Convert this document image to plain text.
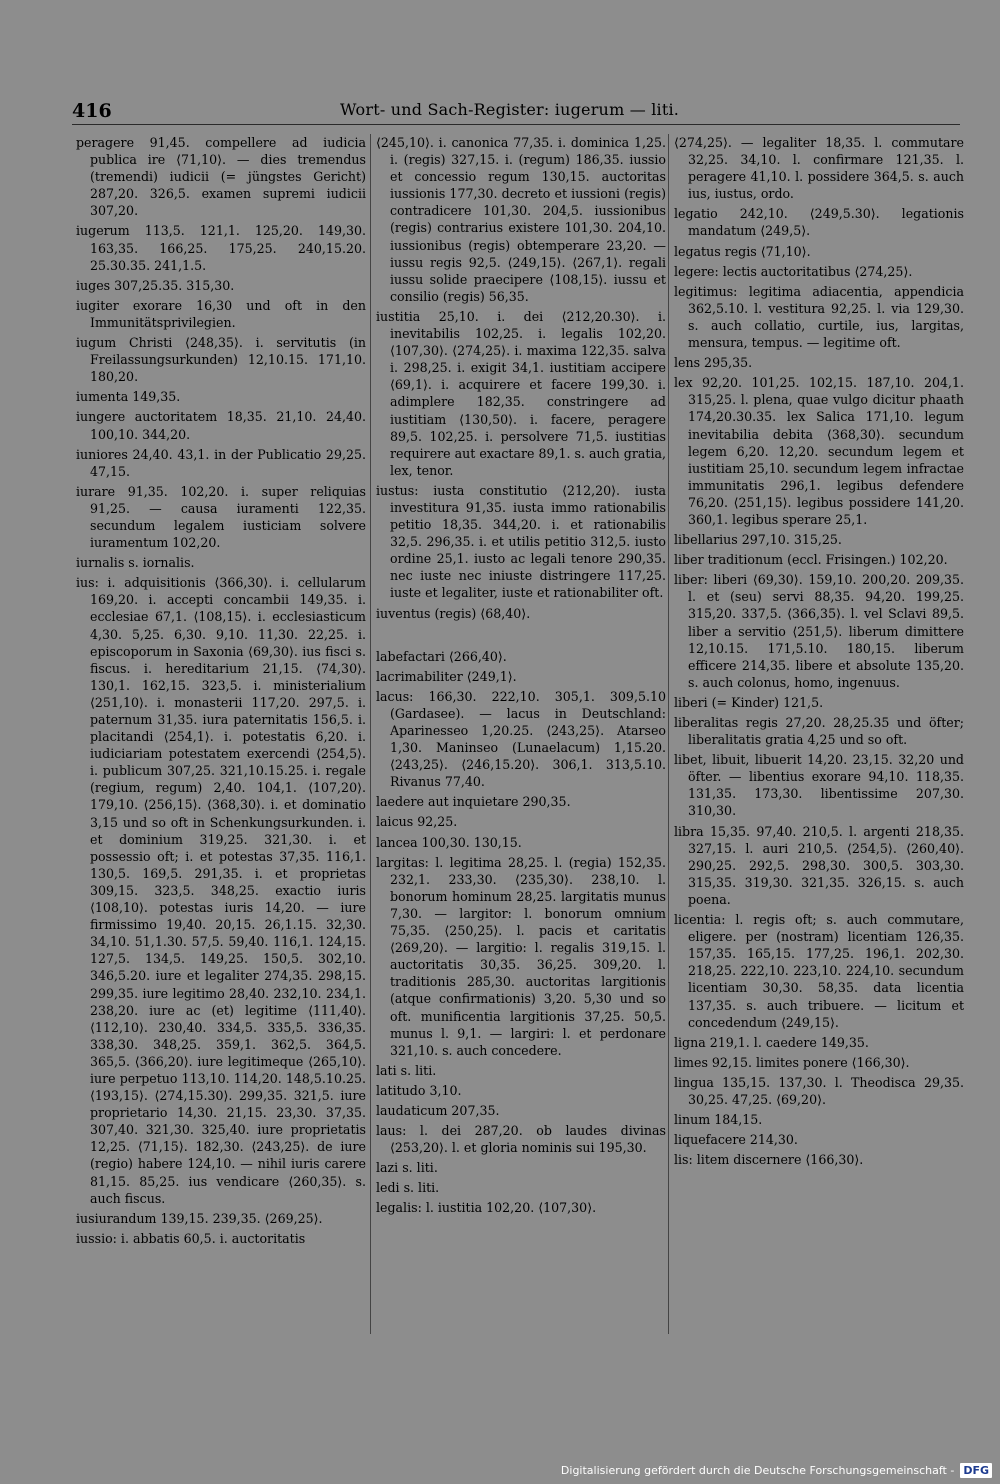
416	Wort- und Sach-Register: iugerum — liti.

peragere 91,45. compellere ad iudicia publica ire ⟨71,10⟩. — dies tremendus (tremendi) iudicii (= jüngstes Gericht) 287,20. 326,5. examen supremi iudicii 307,20.

iugerum 113,5. 121,1. 125,20. 149,30. 163,35. 166,25. 175,25. 240,15.20. 25.30.35. 241,1.5.

iuges 307,25.35. 315,30.

iugiter exorare 16,30 und oft in den Immunitätsprivilegien.

iugum Christi ⟨248,35⟩. i. servitutis (in Freilassungsurkunden) 12,10.15. 171,10. 180,20.

iumenta 149,35.

iungere auctoritatem 18,35. 21,10. 24,40. 100,10. 344,20.

iuniores 24,40. 43,1. in der Publicatio 29,25. 47,15.

iurare 91,35. 102,20. i. super reliquias 91,25. — causa iuramenti 122,35. secundum legalem iusticiam solvere iuramentum 102,20.

iurnalis s. iornalis.

ius: i. adquisitionis ⟨366,30⟩. i. cellularum 169,20. i. accepti concambii 149,35. i. ecclesiae 67,1. ⟨108,15⟩. i. ecclesiasticum 4,30. 5,25. 6,30. 9,10. 11,30. 22,25. i. episcoporum in Saxonia ⟨69,30⟩. ius fisci s. fiscus. i. hereditarium 21,15. ⟨74,30⟩. 130,1. 162,15. 323,5. i. ministerialium ⟨251,10⟩. i. monasterii 117,20. 297,5. i. paternum 31,35. iura paternitatis 156,5. i. placitandi ⟨254,1⟩. i. potestatis 6,20. i. iudiciariam potestatem exercendi ⟨254,5⟩. i. publicum 307,25. 321,10.15.25. i. regale (regium, regum) 2,40. 104,1. ⟨107,20⟩. 179,10. ⟨256,15⟩. ⟨368,30⟩. i. et dominatio 3,15 und so oft in Schenkungsurkunden. i. et dominium 319,25. 321,30. i. et possessio oft; i. et potestas 37,35. 116,1. 130,5. 169,5. 291,35. i. et proprietas 309,15. 323,5. 348,25. exactio iuris ⟨108,10⟩. potestas iuris 14,20. — iure firmissimo 19,40. 20,15. 26,1.15. 32,30. 34,10. 51,1.30. 57,5. 59,40. 116,1. 124,15. 127,5. 134,5. 149,25. 150,5. 302,10. 346,5.20. iure et legaliter 274,35. 298,15. 299,35. iure legitimo 28,40. 232,10. 234,1. 238,20. iure ac (et) legitime ⟨111,40⟩. ⟨112,10⟩. 230,40. 334,5. 335,5. 336,35. 338,30. 348,25. 359,1. 362,5. 364,5. 365,5. ⟨366,20⟩. iure legitimeque ⟨265,10⟩. iure perpetuo 113,10. 114,20. 148,5.10.25. ⟨193,15⟩. ⟨274,15.30⟩. 299,35. 321,5. iure proprietario 14,30. 21,15. 23,30. 37,35. 307,40. 321,30. 325,40. iure proprietatis 12,25. ⟨71,15⟩. 182,30. ⟨243,25⟩. de iure (regio) habere 124,10. — nihil iuris carere 81,15. 85,25. ius vendicare ⟨260,35⟩. s. auch fiscus.

iusiurandum 139,15. 239,35. ⟨269,25⟩.

iussio: i. abbatis 60,5. i. auctoritatis

⟨245,10⟩. i. canonica 77,35. i. dominica 1,25. i. (regis) 327,15. i. (regum) 186,35. iussio et concessio regum 130,15. auctoritas iussionis 177,30. decreto et iussioni (regis) contradicere 101,30. 204,5. iussionibus (regis) contrarius existere 101,30. 204,10. iussionibus (regis) obtemperare 23,20. — iussu regis 92,5. ⟨249,15⟩. ⟨267,1⟩. regali iussu solide praecipere ⟨108,15⟩. iussu et consilio (regis) 56,35.

iustitia 25,10. i. dei ⟨212,20.30⟩. i. inevitabilis 102,25. i. legalis 102,20. ⟨107,30⟩. ⟨274,25⟩. i. maxima 122,35. salva i. 298,25. i. exigit 34,1. iustitiam accipere ⟨69,1⟩. i. acquirere et facere 199,30. i. adimplere 182,35. constringere ad iustitiam ⟨130,50⟩. i. facere, peragere 89,5. 102,25. i. persolvere 71,5. iustitias requirere aut exactare 89,1. s. auch gratia, lex, tenor.

iustus: iusta constitutio ⟨212,20⟩. iusta investitura 91,35. iusta immo rationabilis petitio 18,35. 344,20. i. et rationabilis 32,5. 296,35. i. et utilis petitio 312,5. iusto ordine 25,1. iusto ac legali tenore 290,35. nec iuste nec iniuste distringere 117,25. iuste et legaliter, iuste et rationabiliter oft.

iuventus (regis) ⟨68,40⟩.

labefactari ⟨266,40⟩.

lacrimabiliter ⟨249,1⟩.

lacus: 166,30. 222,10. 305,1. 309,5.10 (Gardasee). — lacus in Deutschland: Aparinesseo 1,20.25. ⟨243,25⟩. Atarseo 1,30. Maninseo (Lunaelacum) 1,15.20. ⟨243,25⟩. ⟨246,15.20⟩. 306,1. 313,5.10. Rivanus 77,40.

laedere aut inquietare 290,35.

laicus 92,25.

lancea 100,30. 130,15.

largitas: l. legitima 28,25. l. (regia) 152,35. 232,1. 233,30. ⟨235,30⟩. 238,10. l. bonorum hominum 28,25. largitatis munus 7,30. — largitor: l. bonorum omnium 75,35. ⟨250,25⟩. l. pacis et caritatis ⟨269,20⟩. — largitio: l. regalis 319,15. l. auctoritatis 30,35. 36,25. 309,20. l. traditionis 285,30. auctoritas largitionis (atque confirmationis) 3,20. 5,30 und so oft. munificentia largitionis 37,25. 50,5. munus l. 9,1. — largiri: l. et perdonare 321,10. s. auch concedere.

lati s. liti.

latitudo 3,10.

laudaticum 207,35.

laus: l. dei 287,20. ob laudes divinas ⟨253,20⟩. l. et gloria nominis sui 195,30.

lazi s. liti.

ledi s. liti.

legalis: l. iustitia 102,20. ⟨107,30⟩.

⟨274,25⟩. — legaliter 18,35. l. commutare 32,25. 34,10. l. confirmare 121,35. l. peragere 41,10. l. possidere 364,5. s. auch ius, iustus, ordo.

legatio 242,10. ⟨249,5.30⟩. legationis mandatum ⟨249,5⟩.

legatus regis ⟨71,10⟩.

legere: lectis auctoritatibus ⟨274,25⟩.

legitimus: legitima adiacentia, appendicia 362,5.10. l. vestitura 92,25. l. via 129,30. s. auch collatio, curtile, ius, largitas, mensura, tempus. — legitime oft.

lens 295,35.

lex 92,20. 101,25. 102,15. 187,10. 204,1. 315,25. l. plena, quae vulgo dicitur phaath 174,20.30.35. lex Salica 171,10. legum inevitabilia debita ⟨368,30⟩. secundum legem 6,20. 12,20. secundum legem et iustitiam 25,10. secundum legem infractae immunitatis 296,1. legibus defendere 76,20. ⟨251,15⟩. legibus possidere 141,20. 360,1. legibus sperare 25,1.

libellarius 297,10. 315,25.

liber traditionum (eccl. Frisingen.) 102,20.

liber: liberi ⟨69,30⟩. 159,10. 200,20. 209,35. l. et (seu) servi 88,35. 94,20. 199,25. 315,20. 337,5. ⟨366,35⟩. l. vel Sclavi 89,5. liber a servitio ⟨251,5⟩. liberum dimittere 12,10.15. 171,5.10. 180,15. liberum efficere 214,35. libere et absolute 135,20. s. auch colonus, homo, ingenuus.

liberi (= Kinder) 121,5.

liberalitas regis 27,20. 28,25.35 und öfter; liberalitatis gratia 4,25 und so oft.

libet, libuit, libuerit 14,20. 23,15. 32,20 und öfter. — libentius exorare 94,10. 118,35. 131,35. 173,30. libentissime 207,30. 310,30.

libra 15,35. 97,40. 210,5. l. argenti 218,35. 327,15. l. auri 210,5. ⟨254,5⟩. ⟨260,40⟩. 290,25. 292,5. 298,30. 300,5. 303,30. 315,35. 319,30. 321,35. 326,15. s. auch poena.

licentia: l. regis oft; s. auch commutare, eligere. per (nostram) licentiam 126,35. 157,35. 165,15. 177,25. 196,1. 202,30. 218,25. 222,10. 223,10. 224,10. secundum licentiam 30,30. 58,35. data licentia 137,35. s. auch tribuere. — licitum et concedendum ⟨249,15⟩.

ligna 219,1. l. caedere 149,35.

limes 92,15. limites ponere ⟨166,30⟩.

lingua 135,15. 137,30. l. Theodisca 29,35. 30,25. 47,25. ⟨69,20⟩.

linum 184,15.

liquefacere 214,30.

lis: litem discernere ⟨166,30⟩.

Digitalisierung gefördert durch die Deutsche Forschungsgemeinschaft - DFG
